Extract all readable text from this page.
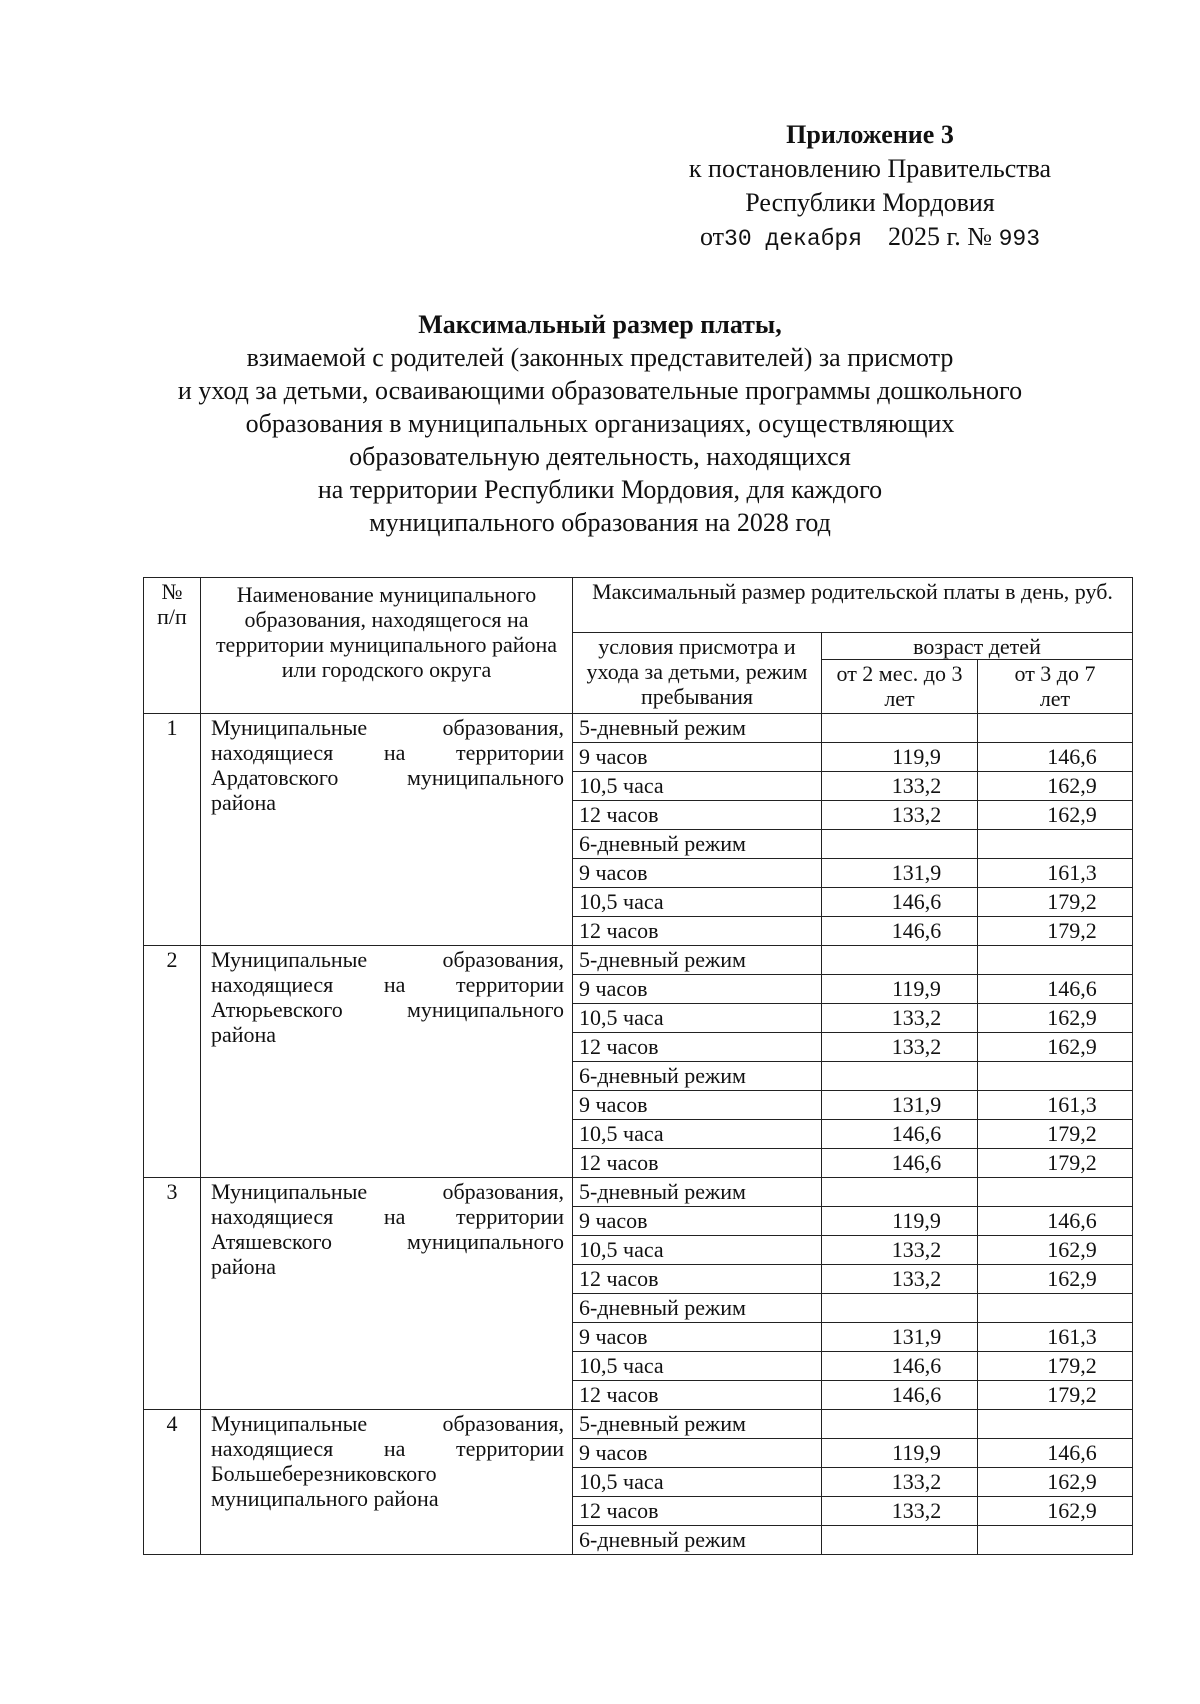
Приложение 3
к постановлению Правительства
Республики Мордовия
от30 декабря 2025 г. № 993
Максимальный размер платы,
взимаемой с родителей (законных представителей) за присмотр
и уход за детьми, осваивающими образовательные программы дошкольного
образования в муниципальных организациях, осуществляющих
образовательную деятельность, находящихся
на территории Республики Мордовия, для каждого
муниципального образования на 2028 год
№ п/п	Наименование муниципального образования, находящегося на территории муниципального района или городского округа	Максимальный размер родительской платы в день, руб.		
		условия присмотра и ухода за детьми, режим пребывания	возраст детей	
			от 2 мес. до 3 лет	от 3 до 7 лет
1	Муниципальные образования,
находящиеся на территории
Ардатовского муниципального
района	5-дневный режим		
		9 часов	119,9	146,6
		10,5 часа	133,2	162,9
		12 часов	133,2	162,9
		6-дневный режим		
		9 часов	131,9	161,3
		10,5 часа	146,6	179,2
		12 часов	146,6	179,2
2	Муниципальные образования,
находящиеся на территории
Атюрьевского муниципального
района	5-дневный режим		
		9 часов	119,9	146,6
		10,5 часа	133,2	162,9
		12 часов	133,2	162,9
		6-дневный режим		
		9 часов	131,9	161,3
		10,5 часа	146,6	179,2
		12 часов	146,6	179,2
3	Муниципальные образования,
находящиеся на территории
Атяшевского муниципального
района	5-дневный режим		
		9 часов	119,9	146,6
		10,5 часа	133,2	162,9
		12 часов	133,2	162,9
		6-дневный режим		
		9 часов	131,9	161,3
		10,5 часа	146,6	179,2
		12 часов	146,6	179,2
4	Муниципальные образования,
находящиеся на территории
Большеберезниковского муниципального района	5-дневный режим		
		9 часов	119,9	146,6
		10,5 часа	133,2	162,9
		12 часов	133,2	162,9
		6-дневный режим		
